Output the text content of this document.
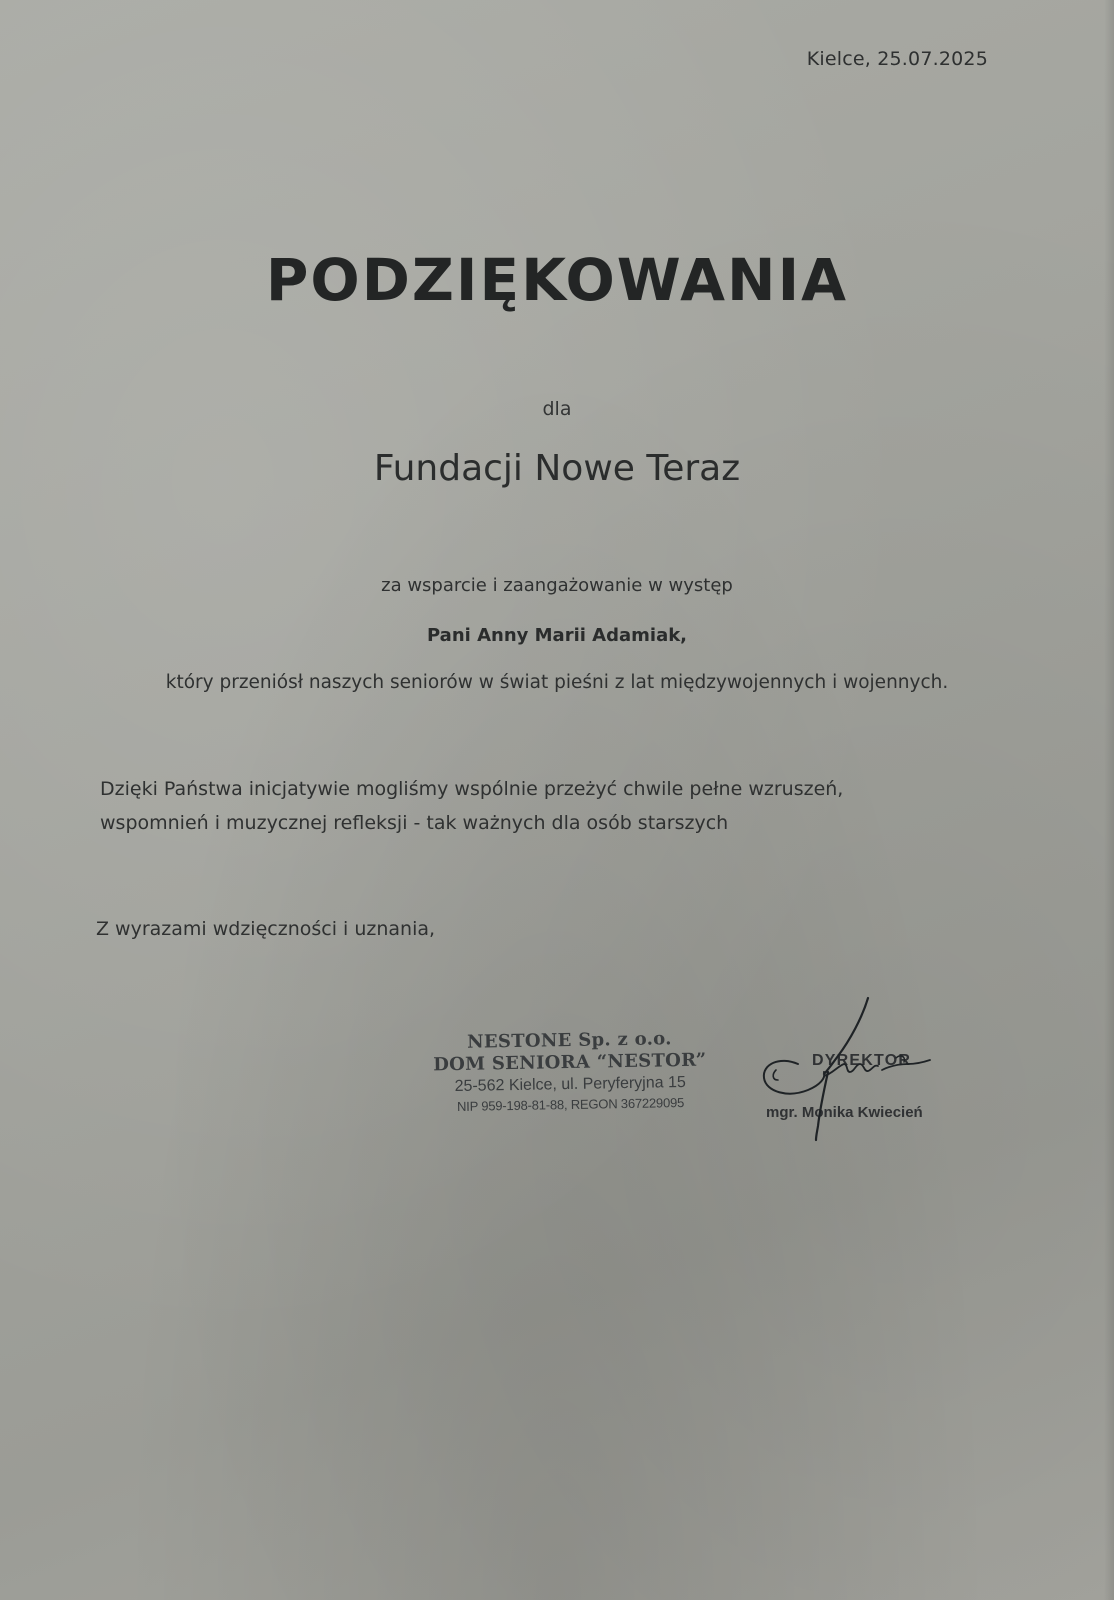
Kielce, 25.07.2025
PODZIĘKOWANIA
dla
Fundacji Nowe Teraz
za wsparcie i zaangażowanie w występ
Pani Anny Marii Adamiak,
który przeniósł naszych seniorów w świat pieśni z lat międzywojennych i wojennych.
Dzięki Państwa inicjatywie mogliśmy wspólnie przeżyć chwile pełne wzruszeń,
wspomnień i muzycznej refleksji - tak ważnych dla osób starszych
Z wyrazami wdzięczności i uznania,
NESTONE Sp. z o.o.
DOM SENIORA “NESTOR”
25-562 Kielce, ul. Peryferyjna 15
NIP 959-198-81-88, REGON 367229095
DYREKTOR
mgr. Monika Kwiecień
